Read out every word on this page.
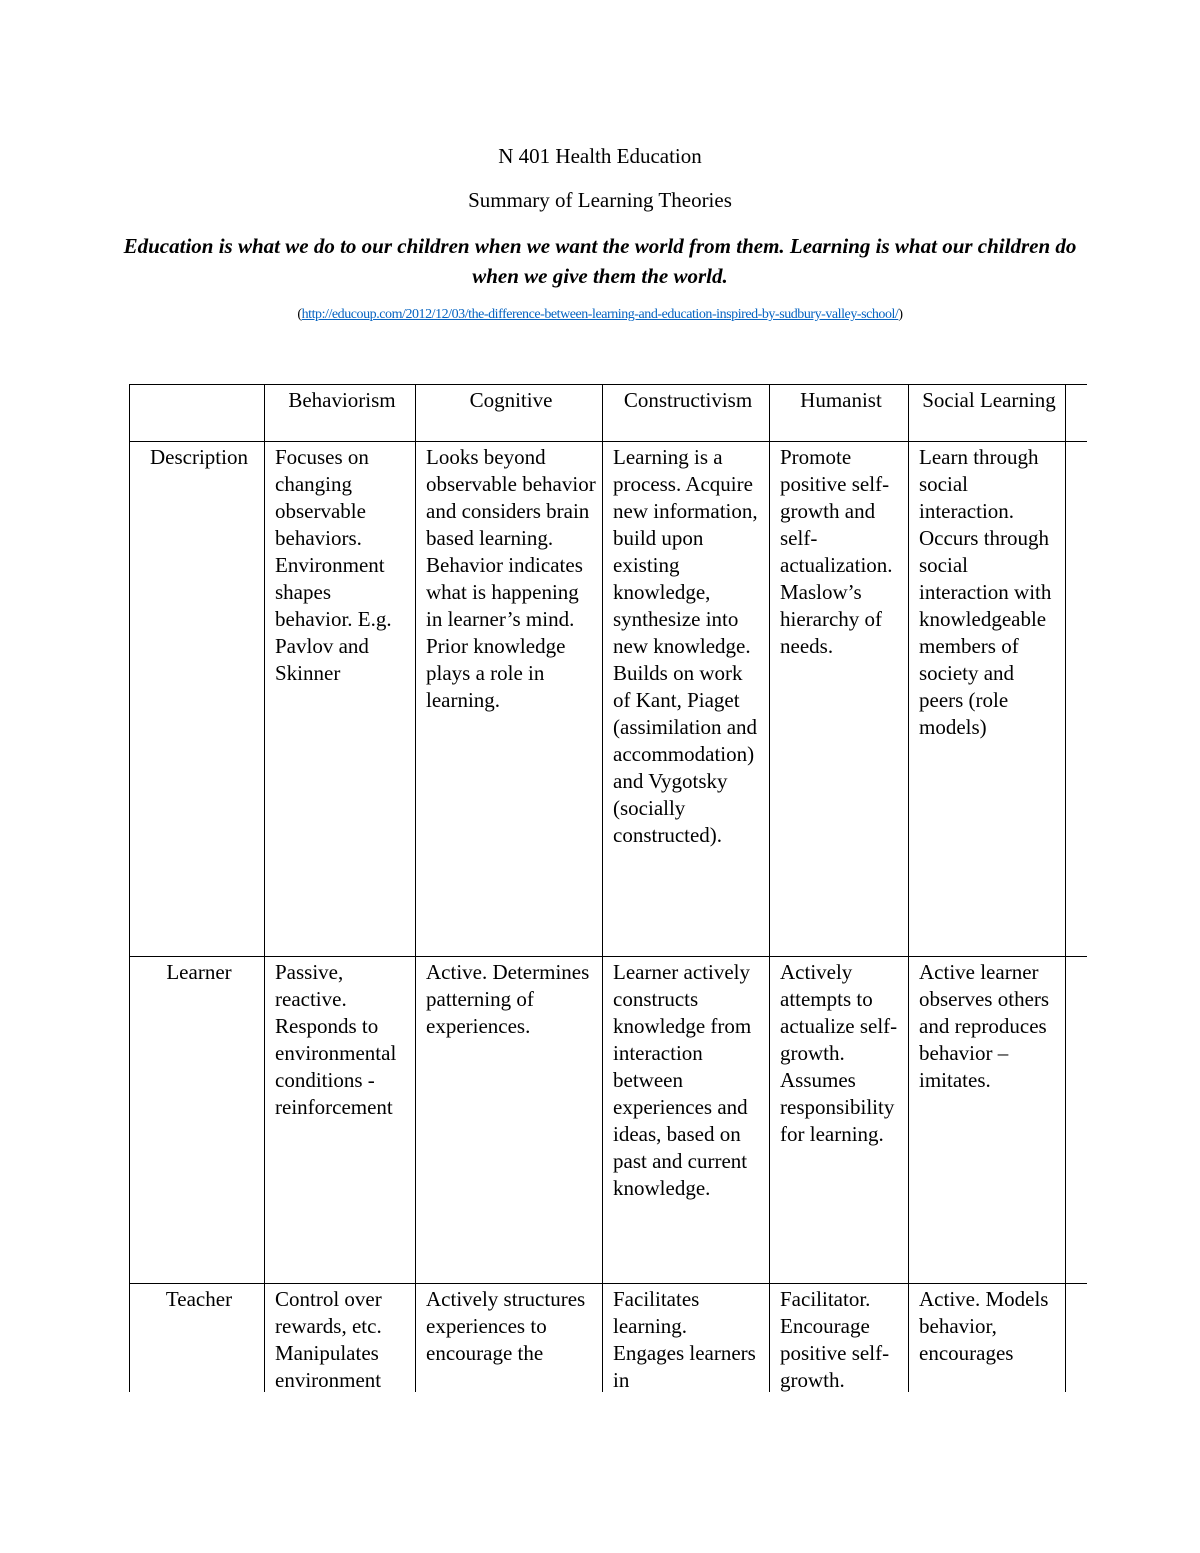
N 401 Health Education
Summary of Learning Theories
Education is what we do to our children when we want the world from them. Learning is what our children do when we give them the world.
(http://educoup.com/2012/12/03/the-difference-between-learning-and-education-inspired-by-sudbury-valley-school/)
	Behaviorism	Cognitive	Constructivism	Humanist	Social Learning	
Description	Focuses on changing observable behaviors. Environment shapes behavior. E.g. Pavlov and Skinner	Looks beyond observable behavior and considers brain based learning. Behavior indicates what is happening in learner’s mind. Prior knowledge plays a role in learning.	Learning is a process. Acquire new information, build upon existing knowledge, synthesize into new knowledge. Builds on work of Kant, Piaget (assimilation and accommodation) and Vygotsky (socially constructed).	Promote positive self-growth and self-actualization. Maslow’s hierarchy of needs.	Learn through social interaction. Occurs through social interaction with knowledgeable members of society and peers (role models)	
Learner	Passive, reactive. Responds to environmental conditions - reinforcement	Active. Determines patterning of experiences.	Learner actively constructs knowledge from interaction between experiences and ideas, based on past and current knowledge.	Actively attempts to actualize self-growth. Assumes responsibility for learning.	Active learner observes others and reproduces behavior – imitates.	
Teacher	Control over rewards, etc. Manipulates environment	Actively structures experiences to encourage the	Facilitates learning. Engages learners in	Facilitator. Encourage positive self-growth.	Active. Models behavior, encourages	
